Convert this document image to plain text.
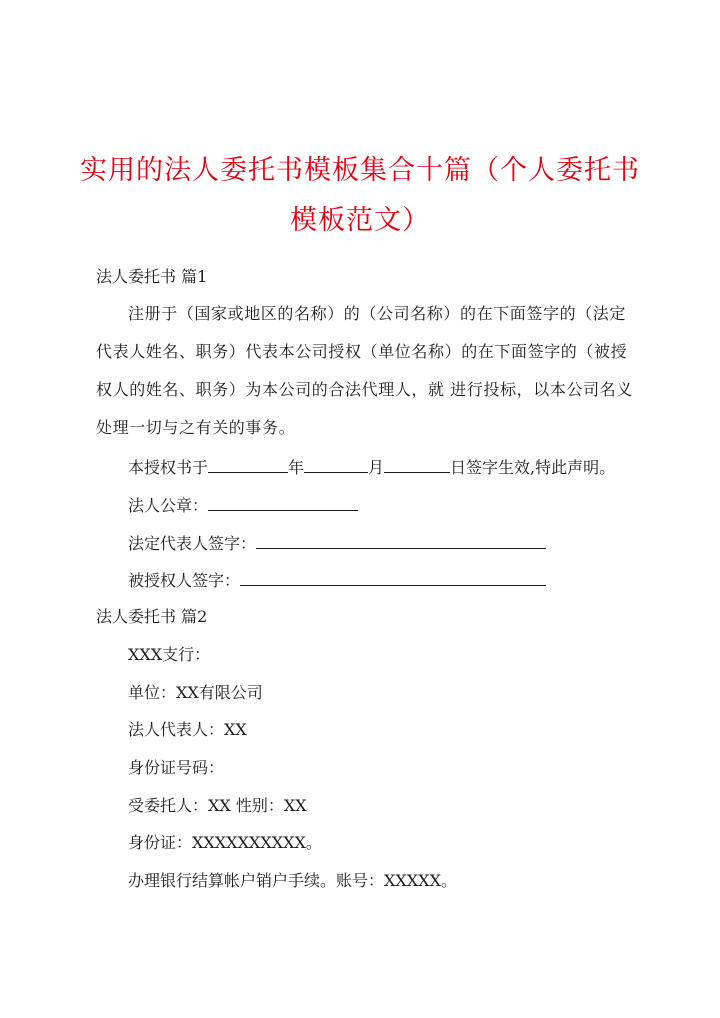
实用的法人委托书模板集合十篇（个人委托书
模板范文）
法人委托书 篇1
注册于（国家或地区的名称）的（公司名称）的在下面签字的（法定代表人姓名、职务）代表本公司授权（单位名称）的在下面签字的（被授权人的姓名、职务）为本公司的合法代理人，就 进行投标，以本公司名义处理一切与之有关的事务。
本授权书于	年	月	日签字生效,特此声明。
法人公章：
法定代表人签字：
被授权人签字：
法人委托书 篇2
XXX支行：
单位：XX有限公司
法人代表人：XX
身份证号码：
受委托人：XX 性别：XX
身份证：XXXXXXXXXX。
办理银行结算帐户销户手续。账号：XXXXX。
